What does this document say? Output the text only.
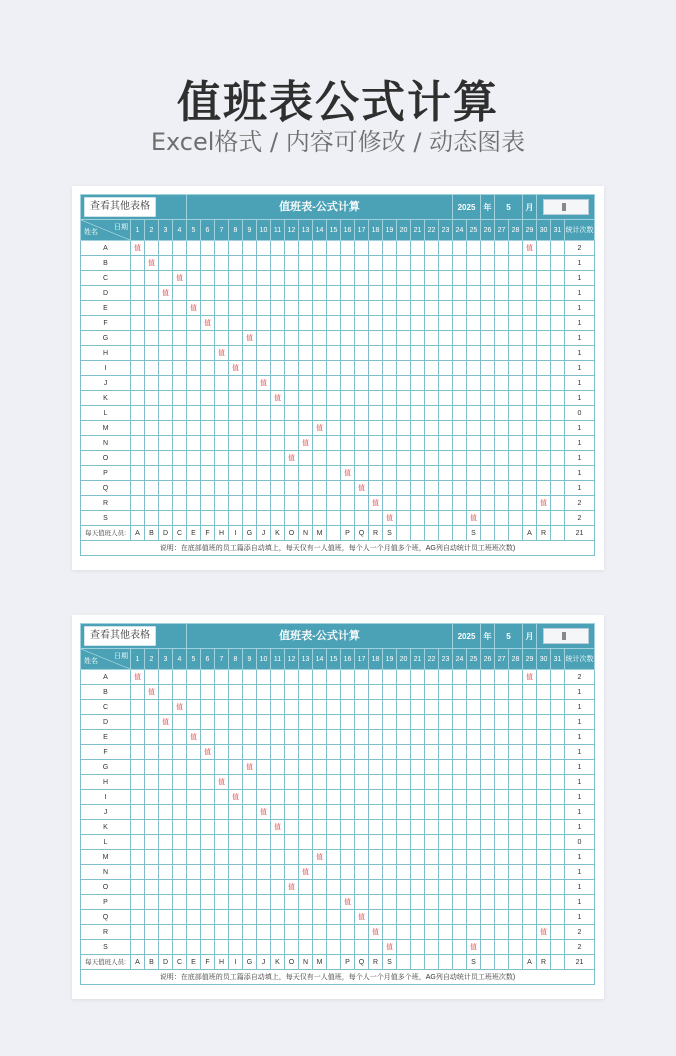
值班表公式计算
Excel格式 / 内容可修改 / 动态图表
查看其他表格					值班表-公式计算																			2025		年	5		月			

日期
姓名	1	2	3	4	5	6	7	8	9	10	11	12	13	14	15	16	17	18	19	20	21	22	23	24	25	26	27	28	29	30	31	统计次数
A	值																												值			2
B		值																														1
C				值																												1
D			值																													1
E					值																											1
F						值																										1
G									值																							1
H							值																									1
I								值																								1
J										值																						1
K											值																					1
L																																0
M														值																		1
N													值																			1
O												值																				1
P																值																1
Q																	值															1
R																		值												值		2
S																			值						值							2
每天值班人员:	A	B	D	C	E	F	H	I	G	J	K	O	N	M		P	Q	R	S						S				A	R		21
说明：在底部值班的员工篇添自动填上，每天仅有一人值班，每个人一个月值多个班，AG列自动统计员工班班次数)																																
查看其他表格					值班表-公式计算																			2025		年	5		月			

日期
姓名	1	2	3	4	5	6	7	8	9	10	11	12	13	14	15	16	17	18	19	20	21	22	23	24	25	26	27	28	29	30	31	统计次数
A	值																												值			2
B		值																														1
C				值																												1
D			值																													1
E					值																											1
F						值																										1
G									值																							1
H							值																									1
I								值																								1
J										值																						1
K											值																					1
L																																0
M														值																		1
N													值																			1
O												值																				1
P																值																1
Q																	值															1
R																		值												值		2
S																			值						值							2
每天值班人员:	A	B	D	C	E	F	H	I	G	J	K	O	N	M		P	Q	R	S						S				A	R		21
说明：在底部值班的员工篇添自动填上，每天仅有一人值班，每个人一个月值多个班，AG列自动统计员工班班次数)																																
